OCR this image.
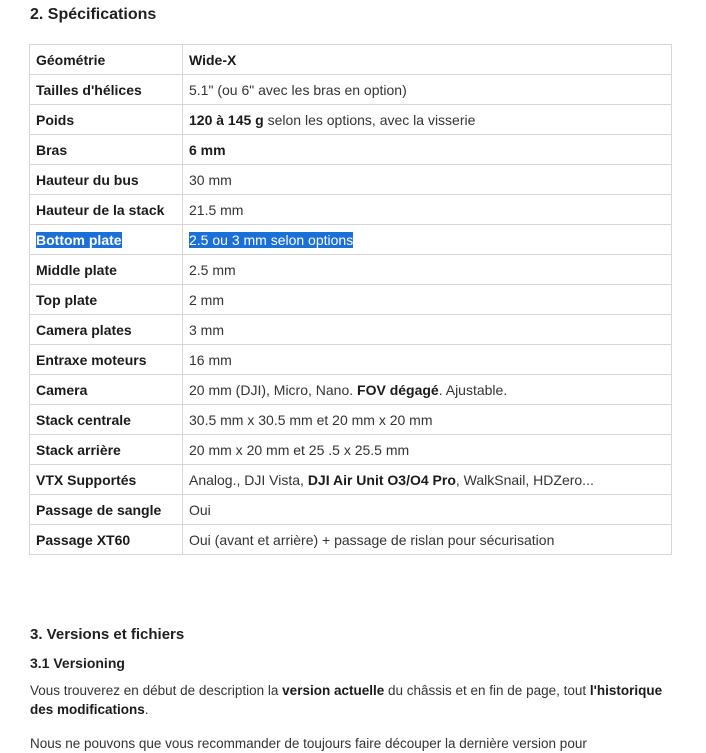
2. Spécifications
Géométrie	Wide-X
Tailles d'hélices	5.1" (ou 6" avec les bras en option)
Poids	120 à 145 g selon les options, avec la visserie
Bras	6 mm
Hauteur du bus	30 mm
Hauteur de la stack	21.5 mm
Bottom plate	2.5 ou 3 mm selon options
Middle plate	2.5 mm
Top plate	2 mm
Camera plates	3 mm
Entraxe moteurs	16 mm
Camera	20 mm (DJI), Micro, Nano. FOV dégagé. Ajustable.
Stack centrale	30.5 mm x 30.5 mm et 20 mm x 20 mm
Stack arrière	20 mm x 20 mm et 25 .5 x 25.5 mm
VTX Supportés	Analog., DJI Vista, DJI Air Unit O3/O4 Pro, WalkSnail, HDZero...
Passage de sangle	Oui
Passage XT60	Oui (avant et arrière) + passage de rislan pour sécurisation
3. Versions et fichiers
3.1 Versioning

Vous trouverez en début de description la version actuelle du châssis et en fin de page, tout l'historique des modifications.

Nous ne pouvons que vous recommander de toujours faire découper la dernière version pour
